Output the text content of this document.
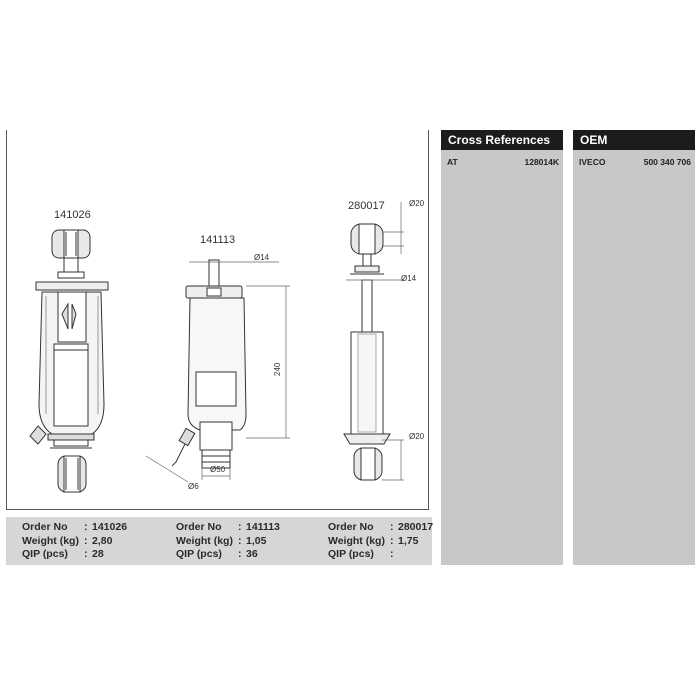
141026
141113
Ø14
240
Ø50
Ø6
280017	Ø20
Ø14
Ø20
Order No : 141026
Weight (kg) : 2,80
QIP (pcs) : 28
Order No : 141113
Weight (kg) : 1,05
QIP (pcs) : 36
Order No : 280017
Weight (kg) : 1,75
QIP (pcs) :
Cross References
AT	128014K
OEM
IVECO	500 340 706
